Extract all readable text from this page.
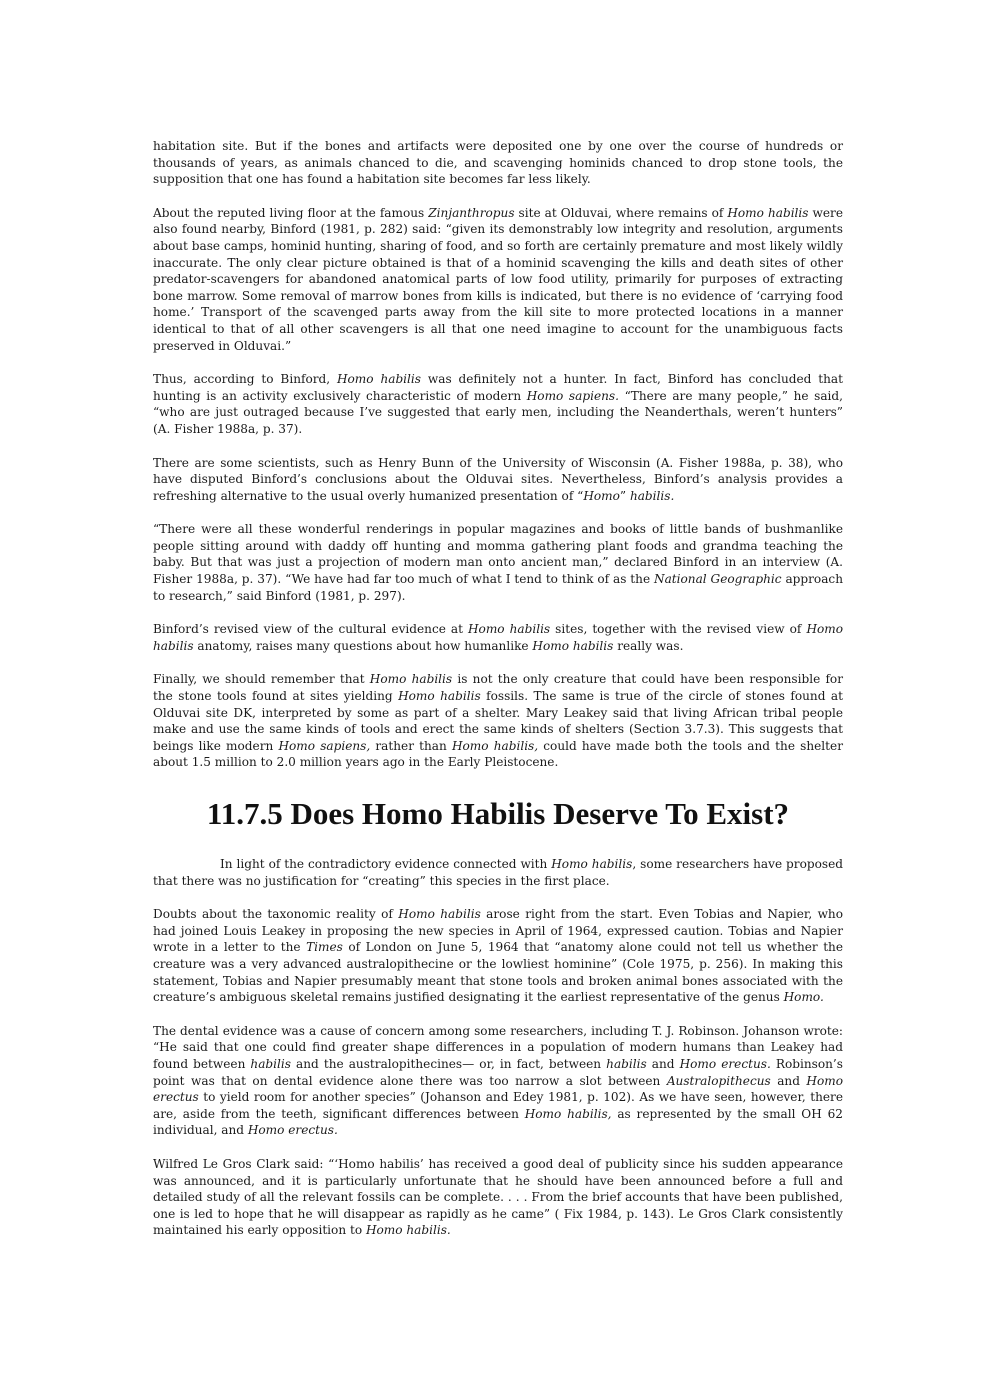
habitation site. But if the bones and artifacts were deposited one by one over the course of hundreds or thousands of years, as animals chanced to die, and scavenging hominids chanced to drop stone tools, the supposition that one has found a habitation site becomes far less likely.

About the reputed living floor at the famous Zinjanthropus site at Olduvai, where remains of Homo habilis were also found nearby, Binford (1981, p. 282) said: “given its demonstrably low integrity and resolution, arguments about base camps, hominid hunting, sharing of food, and so forth are certainly premature and most likely wildly inaccurate. The only clear picture obtained is that of a hominid scavenging the kills and death sites of other predator-scavengers for abandoned anatomical parts of low food utility, primarily for purposes of extracting bone marrow. Some removal of marrow bones from kills is indicated, but there is no evidence of ‘carrying food home.’ Transport of the scavenged parts away from the kill site to more protected locations in a manner identical to that of all other scavengers is all that one need imagine to account for the unambiguous facts preserved in Olduvai.”

Thus, according to Binford, Homo habilis was definitely not a hunter. In fact, Binford has concluded that hunting is an activity exclusively characteristic of modern Homo sapiens. “There are many people,” he said, “who are just outraged because I’ve suggested that early men, including the Neanderthals, weren’t hunters” (A. Fisher 1988a, p. 37).

There are some scientists, such as Henry Bunn of the University of Wisconsin (A. Fisher 1988a, p. 38), who have disputed Binford’s conclusions about the Olduvai sites. Nevertheless, Binford’s analysis provides a refreshing alternative to the usual overly humanized presentation of “Homo” habilis.

“There were all these wonderful renderings in popular magazines and books of little bands of bushmanlike people sitting around with daddy off hunting and momma gathering plant foods and grandma teaching the baby. But that was just a projection of modern man onto ancient man,” declared Binford in an interview (A. Fisher 1988a, p. 37). “We have had far too much of what I tend to think of as the National Geographic approach to research,” said Binford (1981, p. 297).

Binford’s revised view of the cultural evidence at Homo habilis sites, together with the revised view of Homo habilis anatomy, raises many questions about how humanlike Homo habilis really was.

Finally, we should remember that Homo habilis is not the only creature that could have been responsible for the stone tools found at sites yielding Homo habilis fossils. The same is true of the circle of stones found at Olduvai site DK, interpreted by some as part of a shelter. Mary Leakey said that living African tribal people make and use the same kinds of tools and erect the same kinds of shelters (Section 3.7.3). This suggests that beings like modern Homo sapiens, rather than Homo habilis, could have made both the tools and the shelter about 1.5 million to 2.0 million years ago in the Early Pleistocene.

11.7.5 Does Homo Habilis Deserve To Exist?

In light of the contradictory evidence connected with Homo habilis, some researchers have proposed that there was no justification for “creating” this species in the first place.

Doubts about the taxonomic reality of Homo habilis arose right from the start. Even Tobias and Napier, who had joined Louis Leakey in proposing the new species in April of 1964, expressed caution. Tobias and Napier wrote in a letter to the Times of London on June 5, 1964 that “anatomy alone could not tell us whether the creature was a very advanced australopithecine or the lowliest hominine” (Cole 1975, p. 256). In making this statement, Tobias and Napier presumably meant that stone tools and broken animal bones associated with the creature’s ambiguous skeletal remains justified designating it the earliest representative of the genus Homo.

The dental evidence was a cause of concern among some researchers, including T. J. Robinson. Johanson wrote: “He said that one could find greater shape differences in a population of modern humans than Leakey had found between habilis and the australopithecines— or, in fact, between habilis and Homo erectus. Robinson’s point was that on dental evidence alone there was too narrow a slot between Australopithecus and Homo erectus to yield room for another species” (Johanson and Edey 1981, p. 102). As we have seen, however, there are, aside from the teeth, significant differences between Homo habilis, as represented by the small OH 62 individual, and Homo erectus.

Wilfred Le Gros Clark said: “‘Homo habilis’ has received a good deal of publicity since his sudden appearance was announced, and it is particularly unfortunate that he should have been announced before a full and detailed study of all the relevant fossils can be complete. . . . From the brief accounts that have been published, one is led to hope that he will disappear as rapidly as he came” ( Fix 1984, p. 143). Le Gros Clark consistently maintained his early opposition to Homo habilis.
